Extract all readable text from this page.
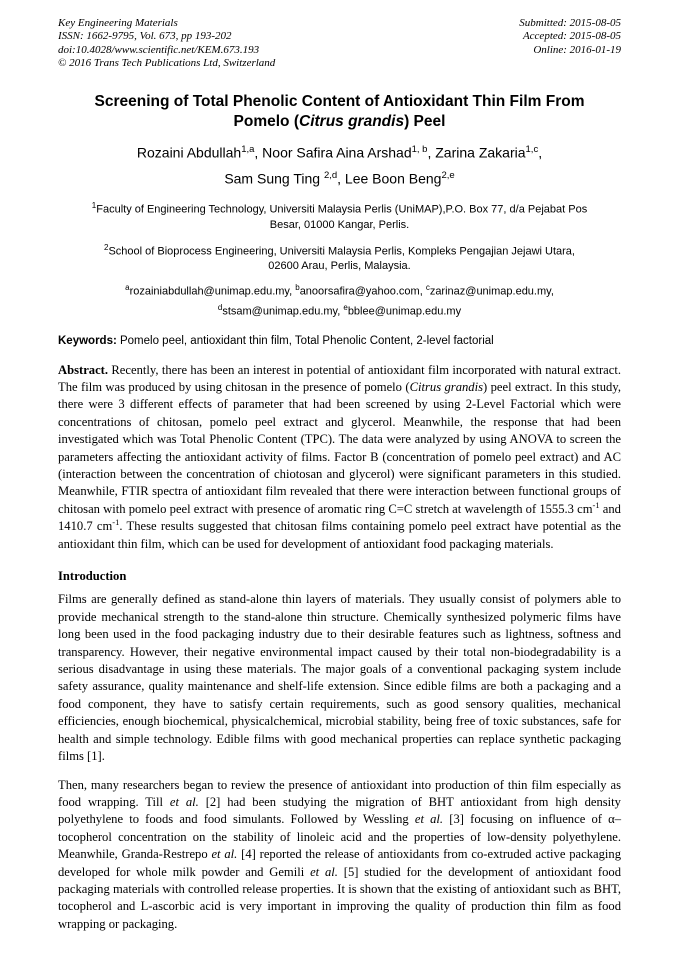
Key Engineering Materials
ISSN: 1662-9795, Vol. 673, pp 193-202
doi:10.4028/www.scientific.net/KEM.673.193
© 2016 Trans Tech Publications Ltd, Switzerland
Submitted: 2015-08-05
Accepted: 2015-08-05
Online: 2016-01-19
Screening of Total Phenolic Content of Antioxidant Thin Film From
Pomelo (Citrus grandis) Peel
Rozaini Abdullah$^{1,a}$, Noor Safira Aina Arshad$^{1, b}$, Zarina Zakaria$^{1,c}$,
Sam Sung Ting $^{2,d}$, Lee Boon Beng$^{2,e}$
$^1$Faculty of Engineering Technology, Universiti Malaysia Perlis (UniMAP),P.O. Box 77, d/a Pejabat Pos Besar, 01000 Kangar, Perlis.
$^2$School of Bioprocess Engineering, Universiti Malaysia Perlis, Kompleks Pengajian Jejawi Utara, 02600 Arau, Perlis, Malaysia.
$^a$rozainiabdullah@unimap.edu.my, $^b$anoorsafira@yahoo.com, $^c$zarinaz@unimap.edu.my,
$^d$stsam@unimap.edu.my, $^e$bblee@unimap.edu.my
Keywords: Pomelo peel, antioxidant thin film, Total Phenolic Content, 2-level factorial

Abstract. Recently, there has been an interest in potential of antioxidant film incorporated with natural extract. The film was produced by using chitosan in the presence of pomelo (Citrus grandis) peel extract. In this study, there were 3 different effects of parameter that had been screened by using 2-Level Factorial which were concentrations of chitosan, pomelo peel extract and glycerol. Meanwhile, the response that had been investigated which was Total Phenolic Content (TPC). The data were analyzed by using ANOVA to screen the parameters affecting the antioxidant activity of films. Factor B (concentration of pomelo peel extract) and AC (interaction between the concentration of chiotosan and glycerol) were significant parameters in this studied. Meanwhile, FTIR spectra of antioxidant film revealed that there were interaction between functional groups of chitosan with pomelo peel extract with presence of aromatic ring C=C stretch at wavelength of 1555.3 $cm^{-1}$ and 1410.7 $cm^{-1}$. These results suggested that chitosan films containing pomelo peel extract have potential as the antioxidant thin film, which can be used for development of antioxidant food packaging materials.

Introduction

Films are generally defined as stand-alone thin layers of materials. They usually consist of polymers able to provide mechanical strength to the stand-alone thin structure. Chemically synthesized polymeric films have long been used in the food packaging industry due to their desirable features such as lightness, softness and transparency. However, their negative environmental impact caused by their total non-biodegradability is a serious disadvantage in using these materials. The major goals of a conventional packaging system include safety assurance, quality maintenance and shelf-life extension. Since edible films are both a packaging and a food component, they have to satisfy certain requirements, such as good sensory qualities, mechanical efficiencies, enough biochemical, physicalchemical, microbial stability, being free of toxic substances, safe for health and simple technology. Edible films with good mechanical properties can replace synthetic packaging films [1].

Then, many researchers began to review the presence of antioxidant into production of thin film especially as food wrapping. Till et al. [2] had been studying the migration of BHT antioxidant from high density polyethylene to foods and food simulants. Followed by Wessling et al. [3] focusing on influence of α–tocopherol concentration on the stability of linoleic acid and the properties of low-density polyethylene. Meanwhile, Granda-Restrepo et al. [4] reported the release of antioxidants from co-extruded active packaging developed for whole milk powder and Gemili et al. [5] studied for the development of antioxidant food packaging materials with controlled release properties. It is shown that the existing of antioxidant such as BHT, tocopherol and L-ascorbic acid is very important in improving the quality of production thin film as food wrapping or packaging.
